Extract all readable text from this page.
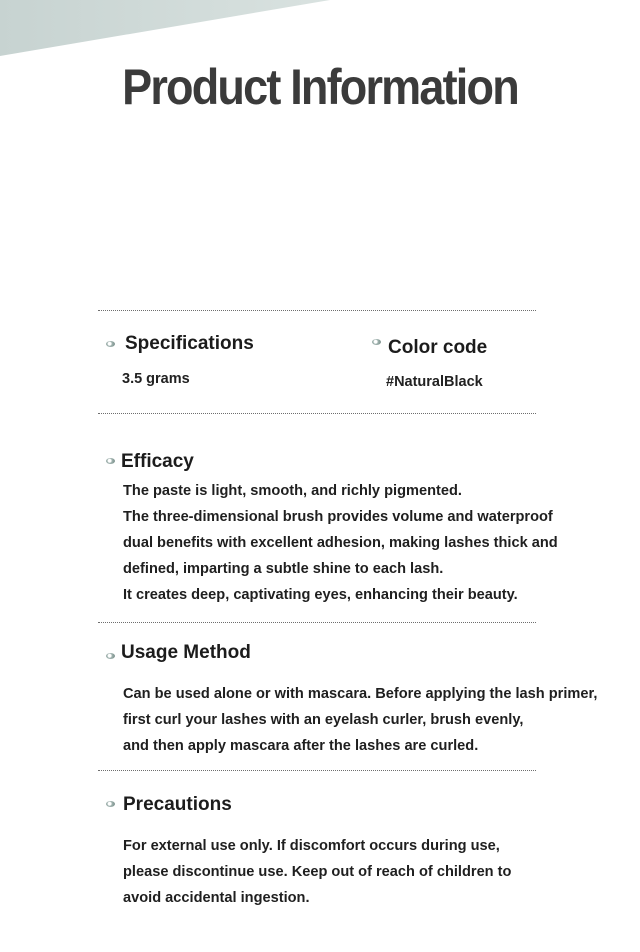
Product Information
Specifications
3.5 grams
Color code
#NaturalBlack
Efficacy
The paste is light, smooth, and richly pigmented.
The three-dimensional brush provides volume and waterproof
dual benefits with excellent adhesion, making lashes thick and
defined, imparting a subtle shine to each lash.
It creates deep, captivating eyes, enhancing their beauty.
Usage Method
Can be used alone or with mascara. Before applying the lash primer,
first curl your lashes with an eyelash curler, brush evenly,
and then apply mascara after the lashes are curled.
Precautions
For external use only. If discomfort occurs during use,
please discontinue use. Keep out of reach of children to
avoid accidental ingestion.
